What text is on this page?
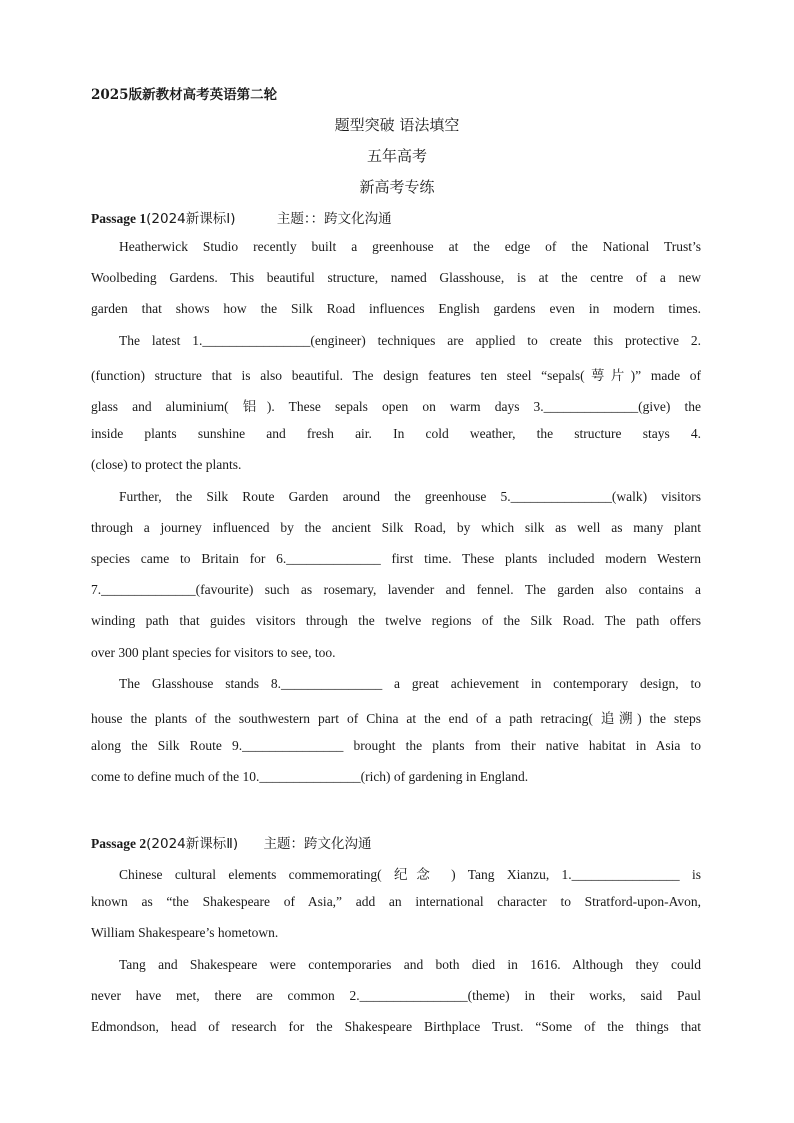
2025版新教材高考英语第二轮
题型突破 语法填空
五年高考
新高考专练
Passage 1(2024新课标Ⅰ)	主题：：跨文化沟通
Heatherwick Studio recently built a greenhouse at the edge of the National Trust’s
Woolbeding Gardens. This beautiful structure, named Glasshouse, is at the centre of a new
garden that shows how the Silk Road influences English gardens even in modern times.
The latest 1.________________(engineer) techniques are applied to create this protective 2.
(function) structure that is also beautiful. The design features ten steel “sepals(萼片)” made of
glass and aluminium( 铝). These sepals open on warm days 3.______________(give) the
inside plants sunshine and fresh air. In cold weather, the structure stays 4.
(close) to protect the plants.
Further, the Silk Route Garden around the greenhouse 5._______________(walk) visitors
through a journey influenced by the ancient Silk Road, by which silk as well as many plant
species came to Britain for 6.______________ first time. These plants included modern Western
7.______________(favourite) such as rosemary, lavender and fennel. The garden also contains a
winding path that guides visitors through the twelve regions of the Silk Road. The path offers
over 300 plant species for visitors to see, too.
The Glasshouse stands 8._______________ a great achievement in contemporary design, to
house the plants of the southwestern part of China at the end of a path retracing( 追溯) the steps
along the Silk Route 9._______________ brought the plants from their native habitat in Asia to
come to define much of the 10._______________(rich) of gardening in England.
Passage 2(2024新课标Ⅱ) 主题：跨文化沟通
Chinese cultural elements commemorating( 纪念 ) Tang Xianzu, 1.________________ is
known as “the Shakespeare of Asia,” add an international character to Stratford-upon-Avon,
William Shakespeare’s hometown.
Tang and Shakespeare were contemporaries and both died in 1616. Although they could
never have met, there are common 2.________________(theme) in their works, said Paul
Edmondson, head of research for the Shakespeare Birthplace Trust. “Some of the things that
